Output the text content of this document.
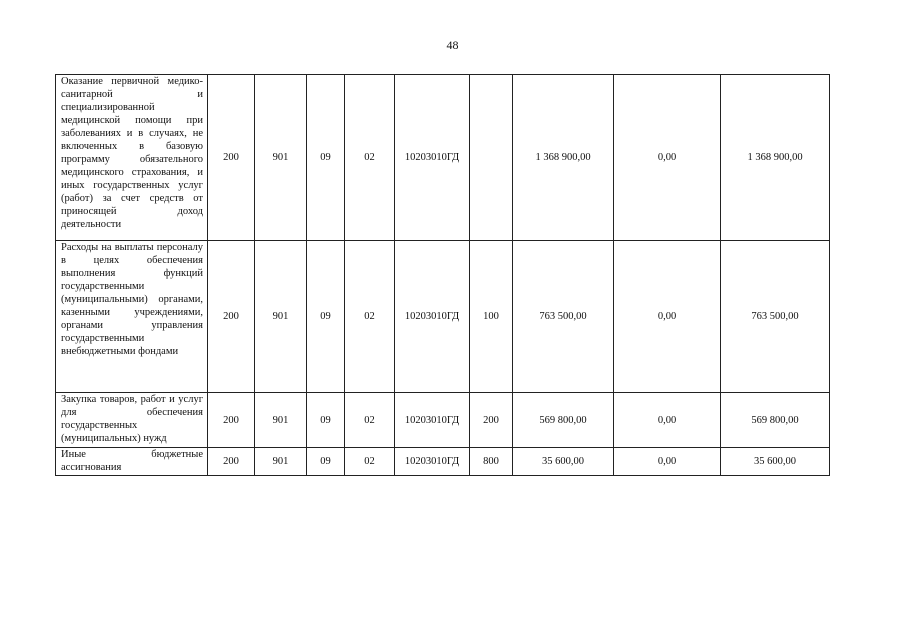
48
Оказание первичной медико-санитарной и специализированной медицинской помощи при заболеваниях и в случаях, не включенных в базовую программу обязательного медицинского страхования, и иных государственных услуг (работ) за счет средств от приносящей доход деятельности	200	901	09	02	10203010ГД		1 368 900,00	0,00	1 368 900,00
Расходы на выплаты персоналу в целях обеспечения выполнения функций государственными (муниципальными) органами, казенными учреждениями, органами управления государственными внебюджетными фондами	200	901	09	02	10203010ГД	100	763 500,00	0,00	763 500,00
Закупка товаров, работ и услуг для обеспечения государственных (муниципальных) нужд	200	901	09	02	10203010ГД	200	569 800,00	0,00	569 800,00
Иные бюджетные ассигнования	200	901	09	02	10203010ГД	800	35 600,00	0,00	35 600,00
